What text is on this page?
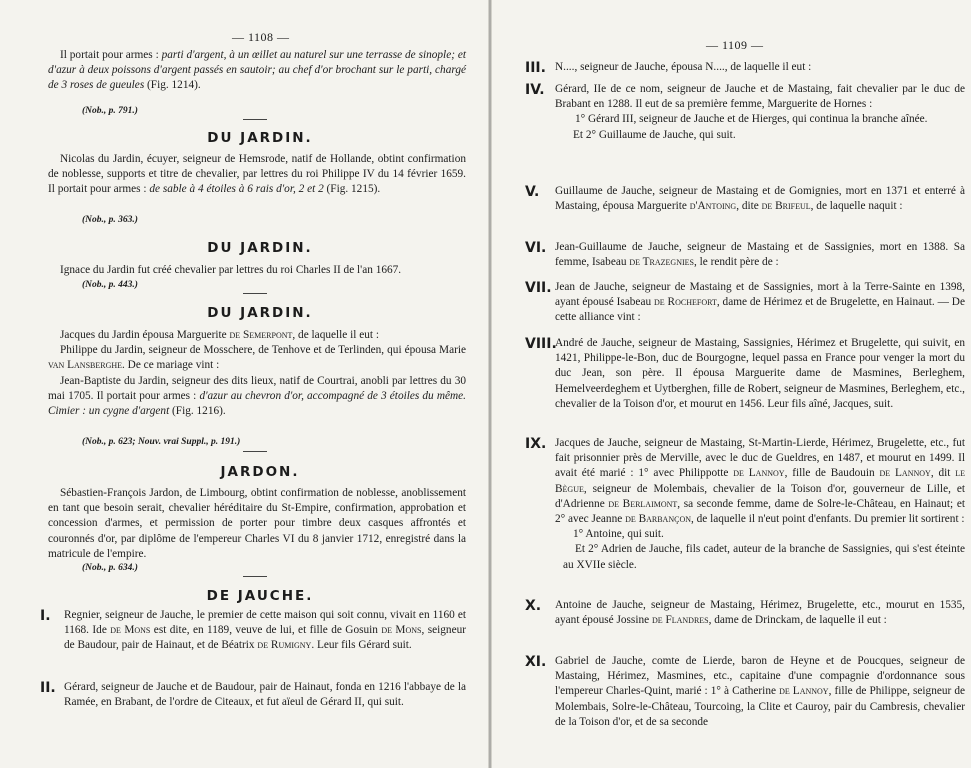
— 1108 —

Il portait pour armes : parti d'argent, à un œillet au naturel sur une terrasse de sinople; et d'azur à deux poissons d'argent passés en sautoir; au chef d'or brochant sur le parti, chargé de 3 roses de gueules (Fig. 1214).

(Nob., p. 791.)
DU JARDIN.

Nicolas du Jardin, écuyer, seigneur de Hemsrode, natif de Hollande, obtint confirmation de noblesse, supports et titre de chevalier, par lettres du roi Philippe IV du 14 février 1659. Il portait pour armes : de sable à 4 étoiles à 6 rais d'or, 2 et 2 (Fig. 1215).

(Nob., p. 363.)
DU JARDIN.

Ignace du Jardin fut créé chevalier par lettres du roi Charles II de l'an 1667.

(Nob., p. 443.)
DU JARDIN.

Jacques du Jardin épousa Marguerite de Semerpont, de laquelle il eut :

Philippe du Jardin, seigneur de Mosschere, de Tenhove et de Terlinden, qui épousa Marie van Lansberghe. De ce mariage vint :

Jean-Baptiste du Jardin, seigneur des dits lieux, natif de Courtrai, anobli par lettres du 30 mai 1705. Il portait pour armes : d'azur au chevron d'or, accompagné de 3 étoiles du même. Cimier : un cygne d'argent (Fig. 1216).

(Nob., p. 623; Nouv. vrai Suppl., p. 191.)
JARDON.

Sébastien-François Jardon, de Limbourg, obtint confirmation de noblesse, anoblissement en tant que besoin serait, chevalier héréditaire du St-Empire, confirmation, approbation et concession d'armes, et permission de porter pour timbre deux casques affrontés et couronnés d'or, par diplôme de l'empereur Charles VI du 8 janvier 1712, enregistré dans la matricule de l'empire.

(Nob., p. 634.)
DE JAUCHE.
I. Regnier, seigneur de Jauche, le premier de cette maison qui soit connu, vivait en 1160 et 1168. Ide de Mons est dite, en 1189, veuve de lui, et fille de Gosuin de Mons, seigneur de Baudour, pair de Hainaut, et de Béatrix de Rumigny. Leur fils Gérard suit.

II. Gérard, seigneur de Jauche et de Baudour, pair de Hainaut, fonda en 1216 l'abbaye de la Ramée, en Brabant, de l'ordre de Citeaux, et fut aïeul de Gérard II, qui suit.

— 1109 —
III. N...., seigneur de Jauche, épousa N...., de laquelle il eut :

IV. Gérard, IIe de ce nom, seigneur de Jauche et de Mastaing, fait chevalier par le duc de Brabant en 1288. Il eut de sa première femme, Marguerite de Hornes :

1° Gérard III, seigneur de Jauche et de Hierges, qui continua la branche aînée.

Et 2° Guillaume de Jauche, qui suit.

V. Guillaume de Jauche, seigneur de Mastaing et de Gomignies, mort en 1371 et enterré à Mastaing, épousa Marguerite d'Antoing, dite de Brifeul, de laquelle naquit :

VI. Jean-Guillaume de Jauche, seigneur de Mastaing et de Sassignies, mort en 1388. Sa femme, Isabeau de Trazegnies, le rendit père de :

VII. Jean de Jauche, seigneur de Mastaing et de Sassignies, mort à la Terre-Sainte en 1398, ayant épousé Isabeau de Rochefort, dame de Hérimez et de Brugelette, en Hainaut. — De cette alliance vint :

VIII.

André de Jauche, seigneur de Mastaing, Sassignies, Hérimez et Brugelette, qui suivit, en 1421, Philippe-le-Bon, duc de Bourgogne, lequel passa en France pour venger la mort du duc Jean, son père. Il épousa Marguerite dame de Masmines, Berleghem, Hemelveerdeghem et Uytberghen, fille de Robert, seigneur de Masmines, Berleghem, etc., chevalier de la Toison d'or, et mourut en 1456. Leur fils aîné, Jacques, suit.

IX. Jacques de Jauche, seigneur de Mastaing, St-Martin-Lierde, Hérimez, Brugelette, etc., fut fait prisonnier près de Merville, avec le duc de Gueldres, en 1487, et mourut en 1499. Il avait été marié : 1° avec Philippotte de Lannoy, fille de Baudouin de Lannoy, dit le Bègue, seigneur de Molembais, chevalier de la Toison d'or, gouverneur de Lille, et d'Adrienne de Berlaimont, sa seconde femme, dame de Solre-le-Château, en Hainaut; et 2° avec Jeanne de Barbançon, de laquelle il n'eut point d'enfants. Du premier lit sortirent :

1° Antoine, qui suit.

Et 2° Adrien de Jauche, fils cadet, auteur de la branche de Sassignies, qui s'est éteinte au XVIIe siècle.

X. Antoine de Jauche, seigneur de Mastaing, Hérimez, Brugelette, etc., mourut en 1535, ayant épousé Jossine de Flandres, dame de Drinckam, de laquelle il eut :

XI. Gabriel de Jauche, comte de Lierde, baron de Heyne et de Poucques, seigneur de Mastaing, Hérimez, Masmines, etc., capitaine d'une compagnie d'ordonnance sous l'empereur Charles-Quint, marié : 1° à Catherine de Lannoy, fille de Philippe, seigneur de Molembais, Solre-le-Château, Tourcoing, la Clite et Cauroy, pair du Cambresis, chevalier de la Toison d'or, et de sa seconde
